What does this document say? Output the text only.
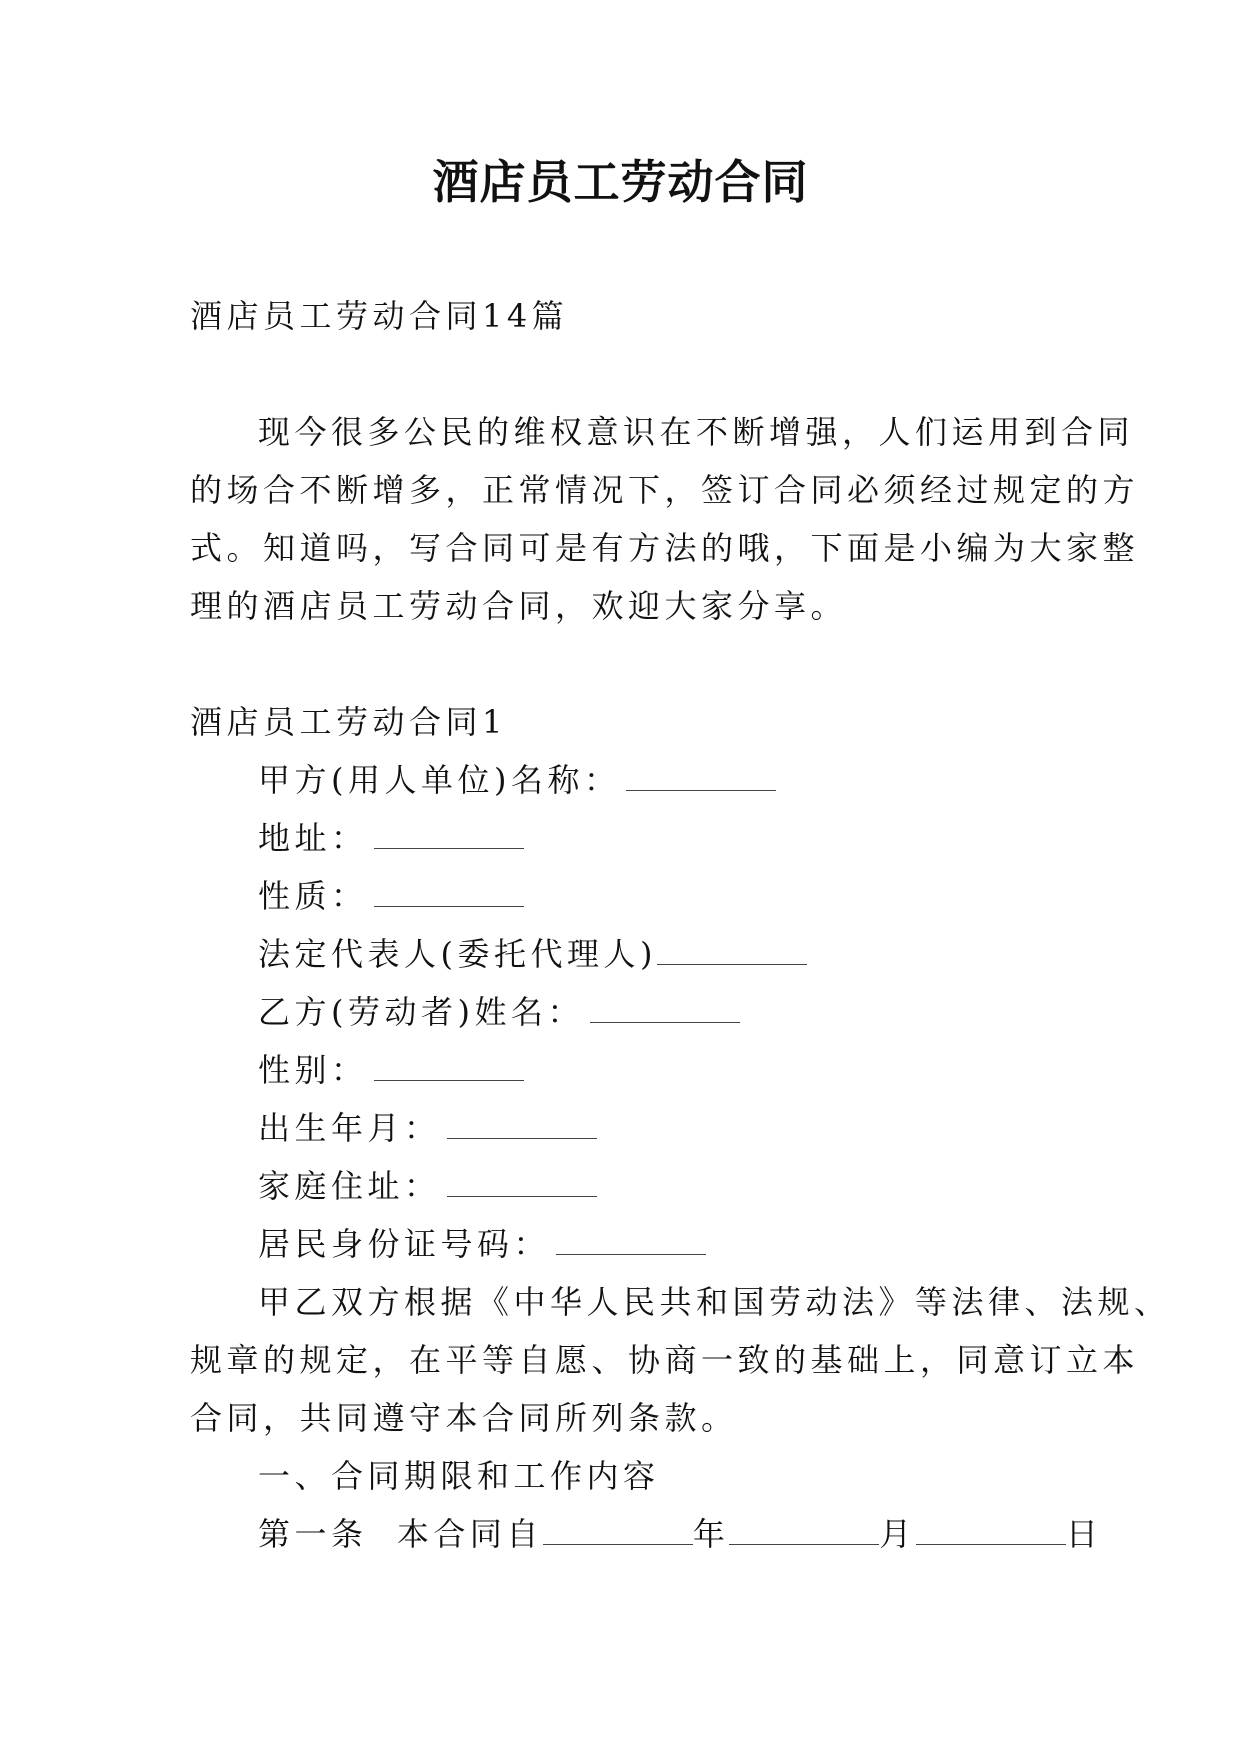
酒店员工劳动合同

酒店员工劳动合同14篇

现今很多公民的维权意识在不断增强，人们运用到合同

的场合不断增多，正常情况下，签订合同必须经过规定的方

式。知道吗，写合同可是有方法的哦，下面是小编为大家整

理的酒店员工劳动合同，欢迎大家分享。

酒店员工劳动合同1

甲方(用人单位)名称：

地址：

性质：

法定代表人(委托代理人)

乙方(劳动者)姓名：

性别：

出生年月：

家庭住址：

居民身份证号码：

甲乙双方根据《中华人民共和国劳动法》等法律、法规、

规章的规定，在平等自愿、协商一致的基础上，同意订立本

合同，共同遵守本合同所列条款。

一、合同期限和工作内容

第一条  本合同自	年	月	日
